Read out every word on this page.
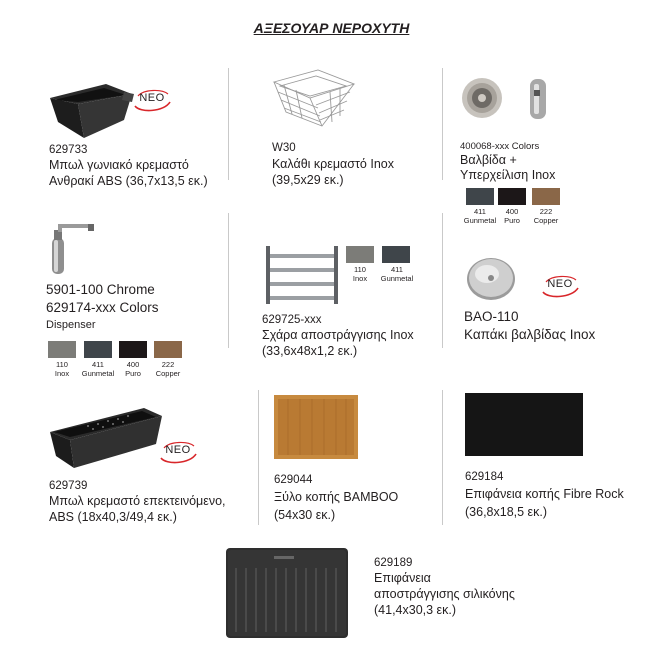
ΑΞΕΣΟΥΑΡ ΝΕΡΟΧΥΤΗ
ΝΕΟ
629733
Μπωλ γωνιακό κρεμαστό
Ανθρακί ABS (36,7x13,5 εκ.)
W30
Καλάθι κρεμαστό Inox
(39,5x29 εκ.)
400068-xxx Colors
Βαλβίδα +
Υπερχείλιση Inox
411
Gunmetal
400
Puro
222
Copper
5901-100 Chrome
629174-xxx Colors
Dispenser
110
Inox
411
Gunmetal
400
Puro
222
Copper
110
Inox
411
Gunmetal
629725-xxx
Σχάρα αποστράγγισης Inox
(33,6x48x1,2 εκ.)
ΝΕΟ
BAO-110
Καπάκι βαλβίδας Inox
ΝΕΟ
629739
Μπωλ κρεμαστό επεκτεινόμενο,
ABS (18x40,3/49,4 εκ.)
629044
Ξύλο κοπής BAMBOO
(54x30 εκ.)
629184
Επιφάνεια κοπής Fibre Rock
(36,8x18,5 εκ.)
629189
Επιφάνεια
αποστράγγισης σιλικόνης
(41,4x30,3 εκ.)
